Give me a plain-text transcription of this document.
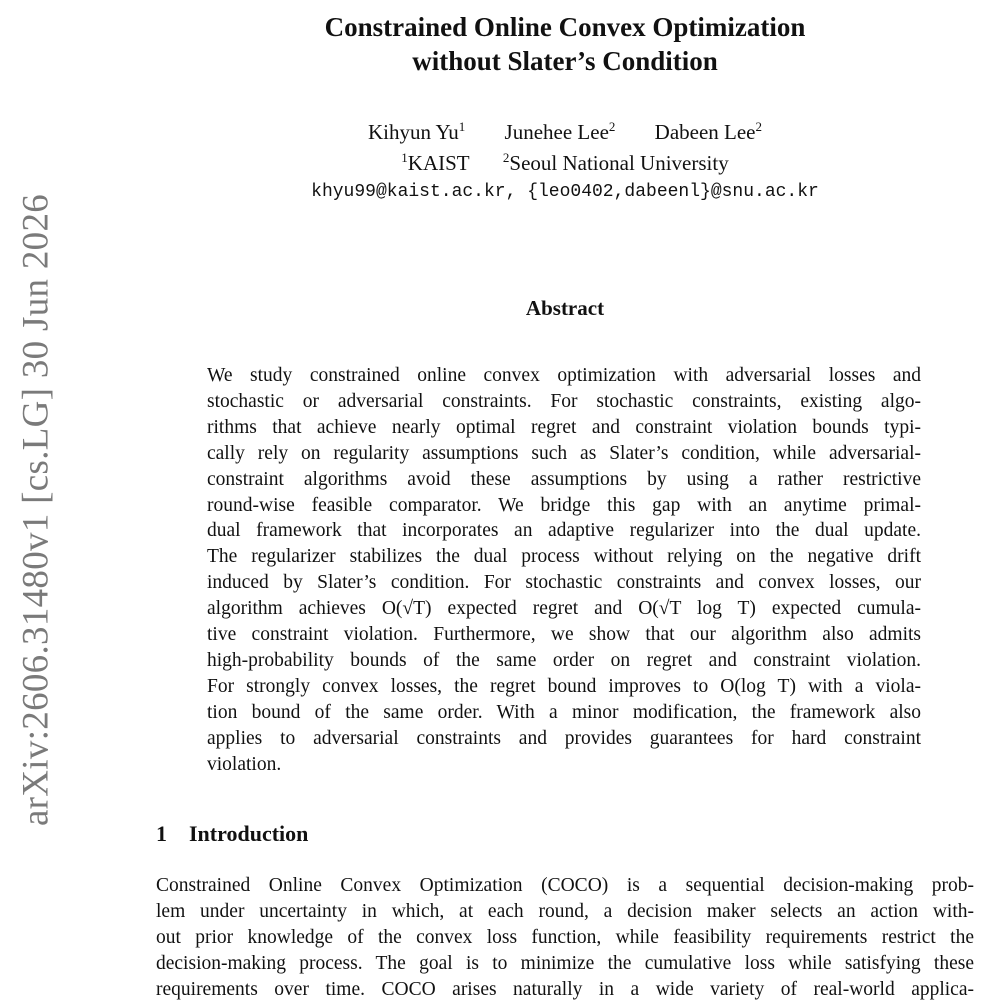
arXiv:2606.31480v1 [cs.LG] 30 Jun 2026
Constrained Online Convex Optimization
without Slater’s Condition
Kihyun Yu$^1$ Junehee Lee$^2$ Dabeen Lee$^2$
$^1$KAIST	$^2$Seoul National University
khyu99@kaist.ac.kr, {leo0402,dabeenl}@snu.ac.kr
Abstract
We study constrained online convex optimization with adversarial losses and
stochastic or adversarial constraints. For stochastic constraints, existing algo-
rithms that achieve nearly optimal regret and constraint violation bounds typi-
cally rely on regularity assumptions such as Slater’s condition, while adversarial-
constraint algorithms avoid these assumptions by using a rather restrictive
round-wise feasible comparator. We bridge this gap with an anytime primal-
dual framework that incorporates an adaptive regularizer into the dual update.
The regularizer stabilizes the dual process without relying on the negative drift
induced by Slater’s condition. For stochastic constraints and convex losses, our
algorithm achieves O(√T) expected regret and O(√T log T) expected cumula-
tive constraint violation. Furthermore, we show that our algorithm also admits
high-probability bounds of the same order on regret and constraint violation.
For strongly convex losses, the regret bound improves to O(log T) with a viola-
tion bound of the same order. With a minor modification, the framework also
applies to adversarial constraints and provides guarantees for hard constraint
violation.
1 Introduction
Constrained Online Convex Optimization (COCO) is a sequential decision-making prob-
lem under uncertainty in which, at each round, a decision maker selects an action with-
out prior knowledge of the convex loss function, while feasibility requirements restrict the
decision-making process. The goal is to minimize the cumulative loss while satisfying these
requirements over time. COCO arises naturally in a wide variety of real-world applica-
